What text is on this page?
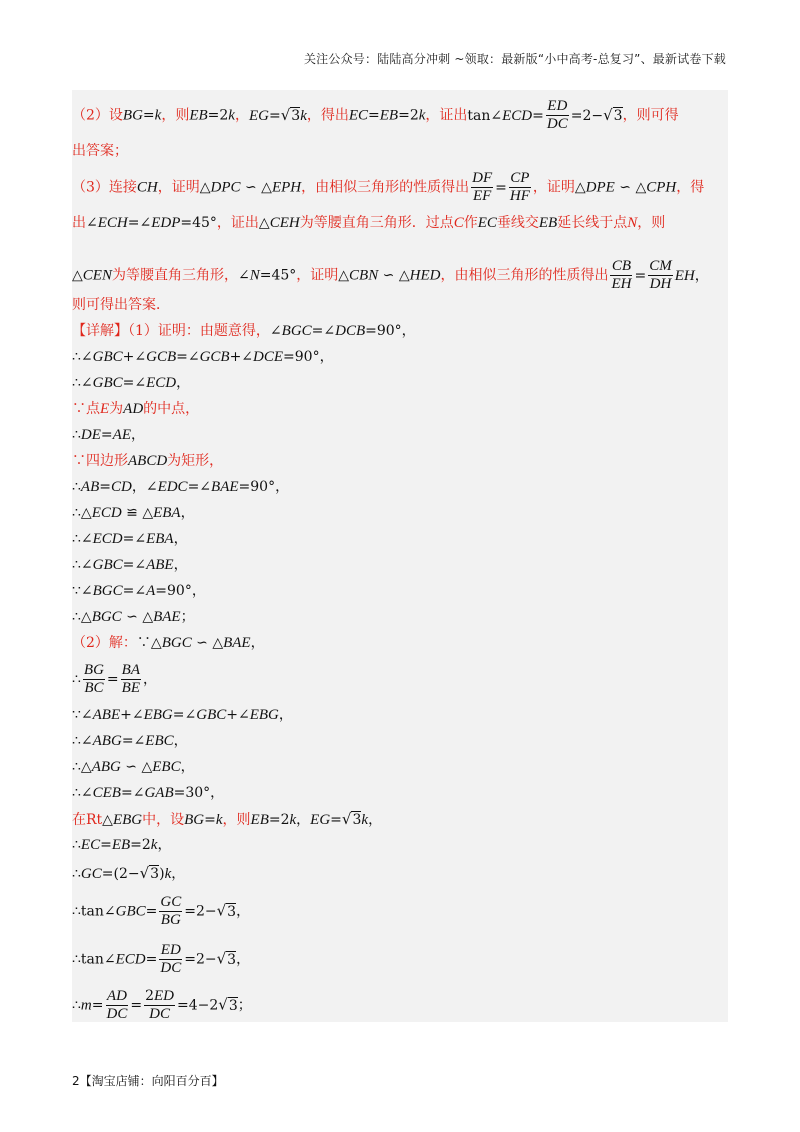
关注公众号：陆陆高分冲刺 ~领取：最新版“小中高考-总复习”、最新试卷下载
（2）设BG=k，则EB=2k，EG=√3k，得出EC=EB=2k，证出tan∠ECD= $\frac{ED}{DC} =2-√3$，则可得
出答案；
（3）连接CH，证明△DPC ∽ △EPH，由相似三角形的性质得出 $\frac{DF}{EF} = \frac{CP}{HF}$ ，证明△DPE ∽ △CPH，得
出∠ECH=∠EDP=45°，证出△CEH为等腰直角三角形．过点C作EC垂线交EB延长线于点N，则
△CEN为等腰直角三角形，∠N=45°，证明△CBN ∽ △HED，由相似三角形的性质得出 $\frac{CB}{EH} = \frac{CM}{DH}$ EH，
则可得出答案．
【详解】（1）证明：由题意得，∠BGC=∠DCB=90°，
∴∠GBC+∠GCB=∠GCB+∠DCE=90°，
∴∠GBC=∠ECD，
∵点E为AD的中点，
∴DE=AE，
∵四边形ABCD为矩形，
∴AB=CD，∠EDC=∠BAE=90°，
∴△ECD ≌ △EBA，
∴∠ECD=∠EBA，
∴∠GBC=∠ABE，
∵∠BGC=∠A=90°，
∴△BGC ∽ △BAE；
（2）解：∵△BGC ∽ △BAE，
∴ $\frac{BG}{BC} = \frac{BA}{BE}$ ，
∵∠ABE+∠EBG=∠GBC+∠EBG，
∴∠ABG=∠EBC，
∴△ABG ∽ △EBC，
∴∠CEB=∠GAB=30°，
在Rt△EBG中，设BG=k，则EB=2k，EG=√3k，
∴EC=EB=2k，
∴GC=(2−√3)k，
∴tan∠GBC= $\frac{GC}{BG} =2-√3$，
∴tan∠ECD= $\frac{ED}{DC} =2-√3$，
∴m= $\frac{AD}{DC} = \frac{2ED}{DC} =4-2√3$；
2【淘宝店铺：向阳百分百】
